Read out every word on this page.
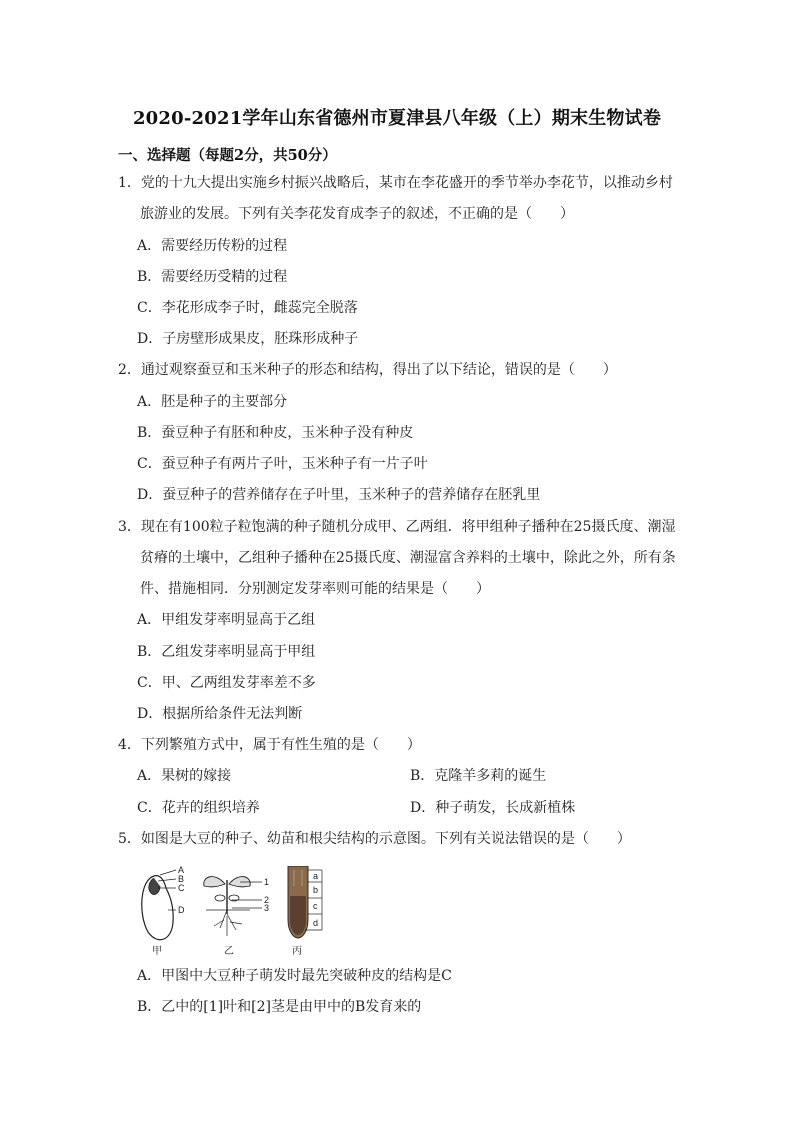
2020-2021学年山东省德州市夏津县八年级（上）期末生物试卷
一、选择题（每题2分，共50分）
1．党的十九大提出实施乡村振兴战略后，某市在李花盛开的季节举办李花节，以推动乡村
旅游业的发展。下列有关李花发育成李子的叙述，不正确的是（　　）
A．需要经历传粉的过程
B．需要经历受精的过程
C．李花形成李子时，雌蕊完全脱落
D．子房壁形成果皮，胚珠形成种子
2．通过观察蚕豆和玉米种子的形态和结构，得出了以下结论，错误的是（　　）
A．胚是种子的主要部分
B．蚕豆种子有胚和种皮，玉米种子没有种皮
C．蚕豆种子有两片子叶，玉米种子有一片子叶
D．蚕豆种子的营养储存在子叶里，玉米种子的营养储存在胚乳里
3．现在有100粒子粒饱满的种子随机分成甲、乙两组．将甲组种子播种在25摄氏度、潮湿
贫瘠的土壤中，乙组种子播种在25摄氏度、潮湿富含养料的土壤中，除此之外，所有条
件、措施相同．分别测定发芽率则可能的结果是（　　）
A．甲组发芽率明显高于乙组
B．乙组发芽率明显高于甲组
C．甲、乙两组发芽率差不多
D．根据所给条件无法判断
4．下列繁殖方式中，属于有性生殖的是（　　）
A．果树的嫁接	B．克隆羊多莉的诞生
C．花卉的组织培养	D．种子萌发，长成新植株
5．如图是大豆的种子、幼苗和根尖结构的示意图。下列有关说法错误的是（　　）
A
B
C
D
甲
1
2
3
乙
a
b
c
d
丙
A．甲图中大豆种子萌发时最先突破种皮的结构是C
B．乙中的[1]叶和[2]茎是由甲中的B发育来的
